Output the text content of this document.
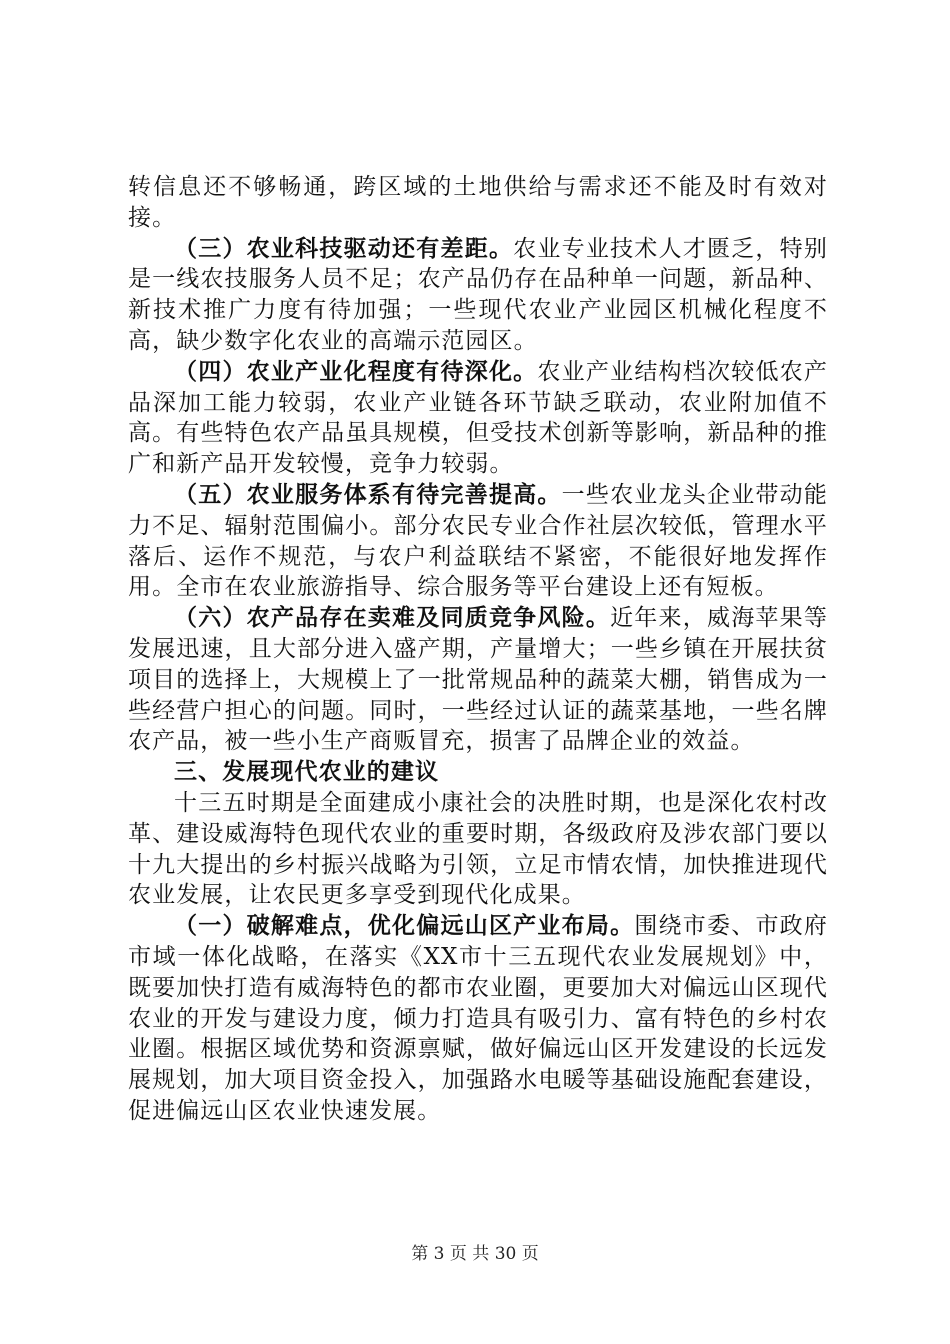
转信息还不够畅通，跨区域的土地供给与需求还不能及时有效对接。

（三）农业科技驱动还有差距。农业专业技术人才匮乏，特别是一线农技服务人员不足；农产品仍存在品种单一问题，新品种、新技术推广力度有待加强；一些现代农业产业园区机械化程度不高，缺少数字化农业的高端示范园区。

（四）农业产业化程度有待深化。农业产业结构档次较低农产品深加工能力较弱，农业产业链各环节缺乏联动，农业附加值不高。有些特色农产品虽具规模，但受技术创新等影响，新品种的推广和新产品开发较慢，竞争力较弱。

（五）农业服务体系有待完善提高。一些农业龙头企业带动能力不足、辐射范围偏小。部分农民专业合作社层次较低，管理水平落后、运作不规范，与农户利益联结不紧密，不能很好地发挥作用。全市在农业旅游指导、综合服务等平台建设上还有短板。

（六）农产品存在卖难及同质竞争风险。近年来，威海苹果等发展迅速，且大部分进入盛产期，产量增大；一些乡镇在开展扶贫项目的选择上，大规模上了一批常规品种的蔬菜大棚，销售成为一些经营户担心的问题。同时，一些经过认证的蔬菜基地，一些名牌农产品，被一些小生产商贩冒充，损害了品牌企业的效益。

三、发展现代农业的建议

十三五时期是全面建成小康社会的决胜时期，也是深化农村改革、建设威海特色现代农业的重要时期，各级政府及涉农部门要以十九大提出的乡村振兴战略为引领，立足市情农情，加快推进现代农业发展，让农民更多享受到现代化成果。

（一）破解难点，优化偏远山区产业布局。围绕市委、市政府市域一体化战略，在落实《XX市十三五现代农业发展规划》中，既要加快打造有威海特色的都市农业圈，更要加大对偏远山区现代农业的开发与建设力度，倾力打造具有吸引力、富有特色的乡村农业圈。根据区域优势和资源禀赋，做好偏远山区开发建设的长远发展规划，加大项目资金投入，加强路水电暖等基础设施配套建设，促进偏远山区农业快速发展。

第 3 页 共 30 页
